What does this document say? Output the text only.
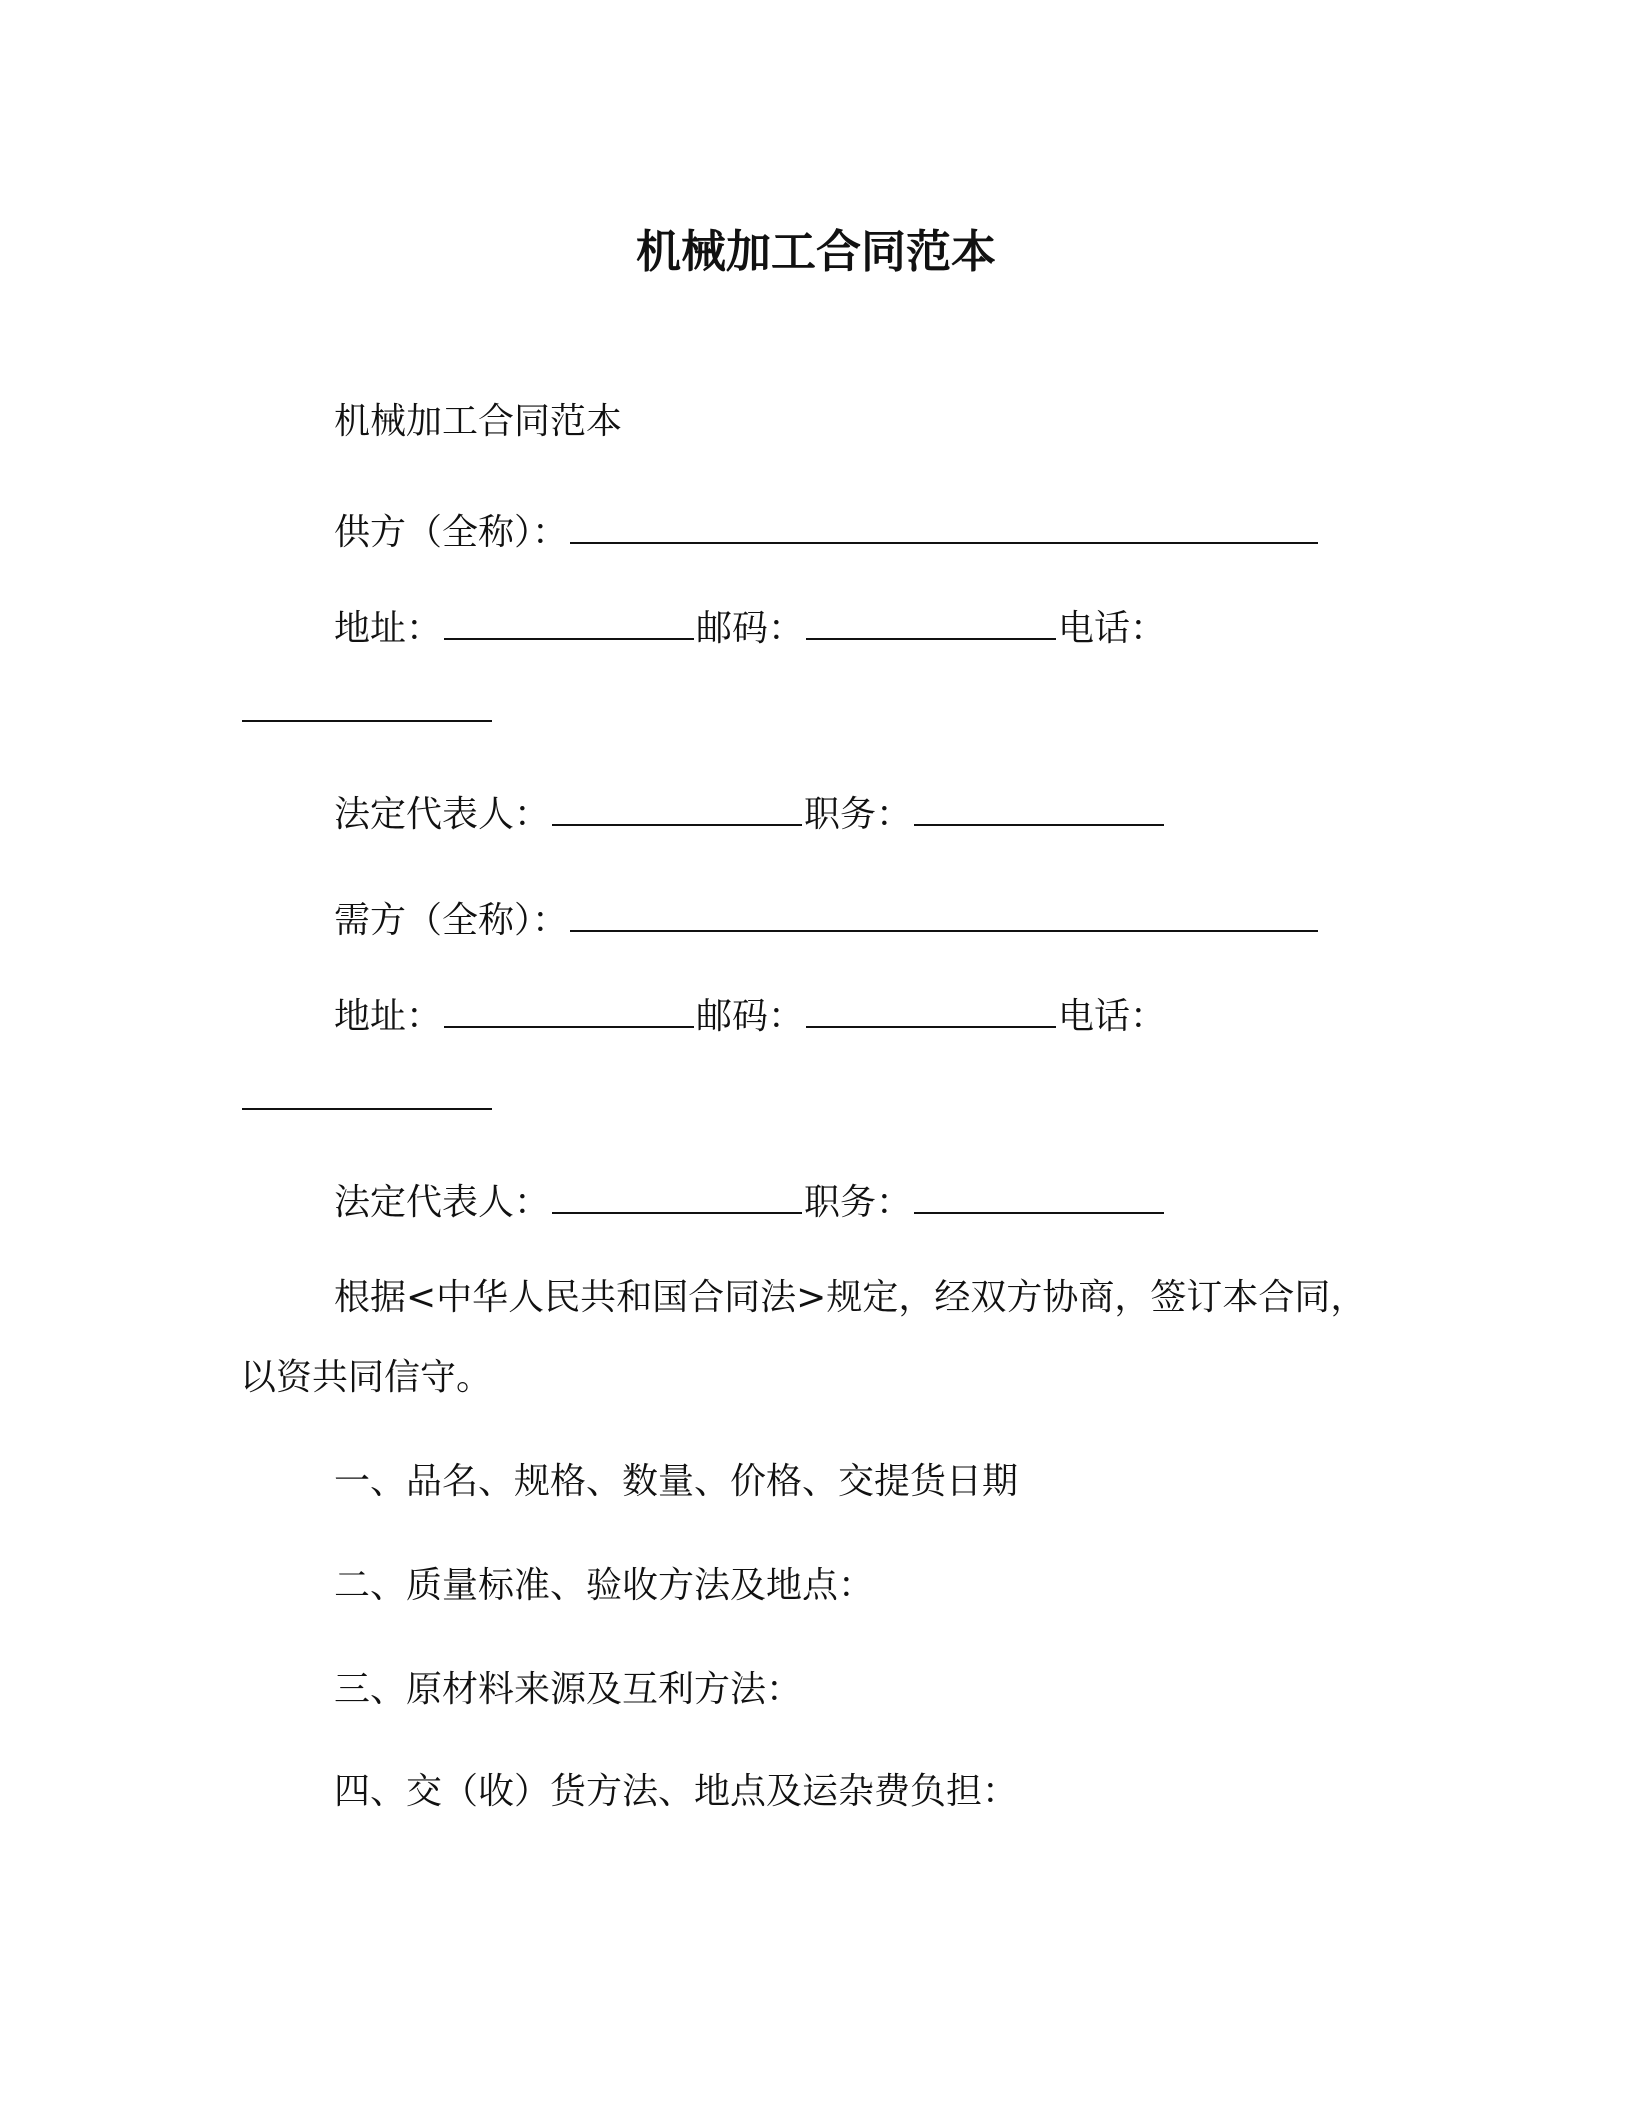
机械加工合同范本
机械加工合同范本
供方（全称）：
地址：	邮码：	电话：
法定代表人：	职务：
需方（全称）：
地址：	邮码：	电话：
法定代表人：	职务：
根据<中华人民共和国合同法>规定，经双方协商，签订本合同，
以资共同信守。
一、品名、规格、数量、价格、交提货日期
二、质量标准、验收方法及地点：
三、原材料来源及互利方法：
四、交（收）货方法、地点及运杂费负担：
